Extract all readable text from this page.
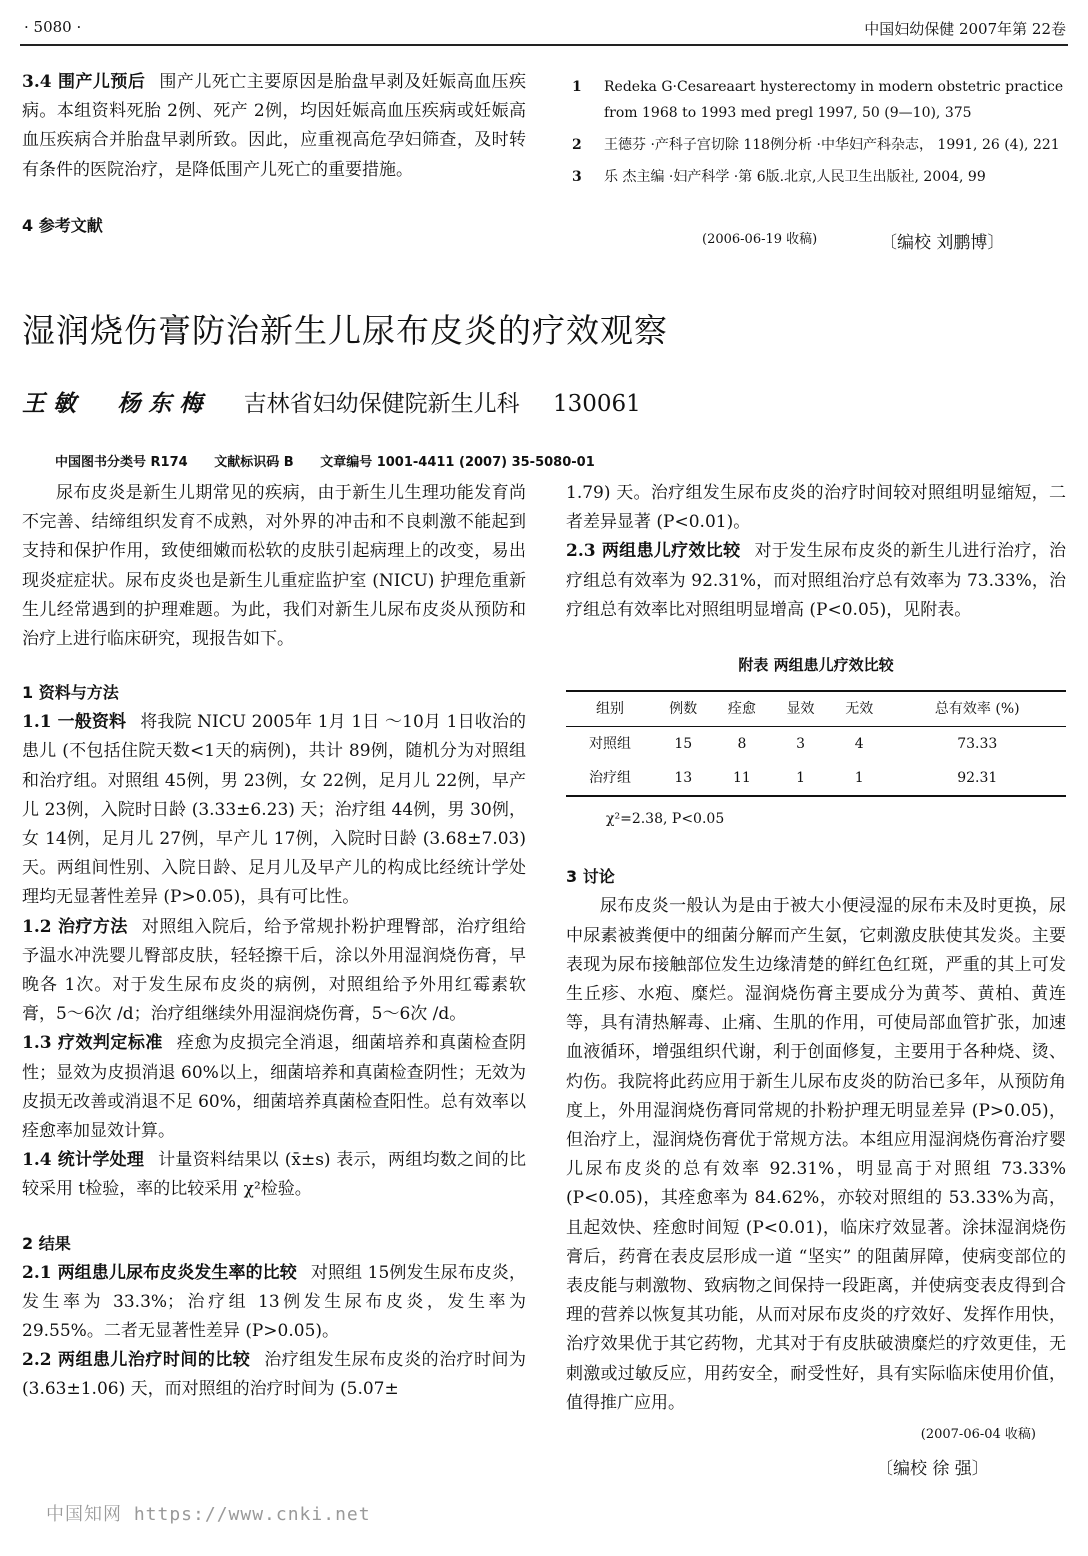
· 5080 ·	中国妇幼保健 2007年第 22卷

3.4 围产儿预后 围产儿死亡主要原因是胎盘早剥及妊娠高血压疾病。本组资料死胎 2例、死产 2例，均因妊娠高血压疾病或妊娠高血压疾病合并胎盘早剥所致。因此，应重视高危孕妇筛查，及时转有条件的医院治疗，是降低围产儿死亡的重要措施。

4 参考文献

1 Redeka G·Cesareaart hysterectomy in modern obstetric practice from 1968 to 1993 med pregl 1997, 50 (9—10), 375
2 王德芬 ·产科子宫切除 118例分析 ·中华妇产科杂志， 1991, 26 (4), 221
3 乐 杰主编 ·妇产科学 ·第 6版.北京,人民卫生出版社, 2004, 99
(2006-06-19 收稿)	〔编校 刘鹏博〕
湿润烧伤膏防治新生儿尿布皮炎的疗效观察
王敏 杨东梅 吉林省妇幼保健院新生儿科 130061
中国图书分类号 R174 文献标识码 B 文章编号 1001-4411 (2007) 35-5080-01

尿布皮炎是新生儿期常见的疾病，由于新生儿生理功能发育尚不完善、结缔组织发育不成熟，对外界的冲击和不良刺激不能起到支持和保护作用，致使细嫩而松软的皮肤引起病理上的改变，易出现炎症症状。尿布皮炎也是新生儿重症监护室 (NICU) 护理危重新生儿经常遇到的护理难题。为此，我们对新生儿尿布皮炎从预防和治疗上进行临床研究，现报告如下。

1 资料与方法

1.1 一般资料 将我院 NICU 2005年 1月 1日 ～10月 1日收治的患儿 (不包括住院天数<1天的病例)，共计 89例，随机分为对照组和治疗组。对照组 45例，男 23例，女 22例，足月儿 22例，早产儿 23例，入院时日龄 (3.33±6.23) 天；治疗组 44例，男 30例，女 14例，足月儿 27例，早产儿 17例，入院时日龄 (3.68±7.03) 天。两组间性别、入院日龄、足月儿及早产儿的构成比经统计学处理均无显著性差异 (P>0.05)，具有可比性。

1.2 治疗方法 对照组入院后，给予常规扑粉护理臀部，治疗组给予温水冲洗婴儿臀部皮肤，轻轻擦干后，涂以外用湿润烧伤膏，早晚各 1次。对于发生尿布皮炎的病例，对照组给予外用红霉素软膏，5～6次 /d；治疗组继续外用湿润烧伤膏，5～6次 /d。

1.3 疗效判定标准 痊愈为皮损完全消退，细菌培养和真菌检查阴性；显效为皮损消退 60%以上，细菌培养和真菌检查阴性；无效为皮损无改善或消退不足 60%，细菌培养真菌检查阳性。总有效率以痊愈率加显效计算。

1.4 统计学处理 计量资料结果以 (x̄±s) 表示，两组均数之间的比较采用 t检验，率的比较采用 χ²检验。

2 结果

2.1 两组患儿尿布皮炎发生率的比较 对照组 15例发生尿布皮炎，发生率为 33.3%；治疗组 13例发生尿布皮炎，发生率为 29.55%。二者无显著性差异 (P>0.05)。

2.2 两组患儿治疗时间的比较 治疗组发生尿布皮炎的治疗时间为 (3.63±1.06) 天，而对照组的治疗时间为 (5.07±

1.79) 天。治疗组发生尿布皮炎的治疗时间较对照组明显缩短，二者差异显著 (P<0.01)。

2.3 两组患儿疗效比较 对于发生尿布皮炎的新生儿进行治疗，治疗组总有效率为 92.31%，而对照组治疗总有效率为 73.33%，治疗组总有效率比对照组明显增高 (P<0.05)，见附表。

附表 两组患儿疗效比较
组别	例数	痊愈	显效	无效	总有效率 (%)
对照组	15	8	3	4	73.33
治疗组	13	11	1	1	92.31
χ²=2.38, P<0.05

3 讨论

尿布皮炎一般认为是由于被大小便浸湿的尿布未及时更换，尿中尿素被粪便中的细菌分解而产生氨，它刺激皮肤使其发炎。主要表现为尿布接触部位发生边缘清楚的鲜红色红斑，严重的其上可发生丘疹、水疱、糜烂。湿润烧伤膏主要成分为黄芩、黄柏、黄连等，具有清热解毒、止痛、生肌的作用，可使局部血管扩张，加速血液循环，增强组织代谢，利于创面修复，主要用于各种烧、烫、灼伤。我院将此药应用于新生儿尿布皮炎的防治已多年，从预防角度上，外用湿润烧伤膏同常规的扑粉护理无明显差异 (P>0.05)，但治疗上，湿润烧伤膏优于常规方法。本组应用湿润烧伤膏治疗婴儿尿布皮炎的总有效率 92.31%，明显高于对照组 73.33% (P<0.05)，其痊愈率为 84.62%，亦较对照组的 53.33%为高，且起效快、痊愈时间短 (P<0.01)，临床疗效显著。涂抹湿润烧伤膏后，药膏在表皮层形成一道 “坚实” 的阻菌屏障，使病变部位的表皮能与刺激物、致病物之间保持一段距离，并使病变表皮得到合理的营养以恢复其功能，从而对尿布皮炎的疗效好、发挥作用快，治疗效果优于其它药物，尤其对于有皮肤破溃糜烂的疗效更佳，无刺激或过敏反应，用药安全，耐受性好，具有实际临床使用价值，值得推广应用。

(2007-06-04 收稿)
〔编校 徐 强〕
中国知网 https://www.cnki.net
